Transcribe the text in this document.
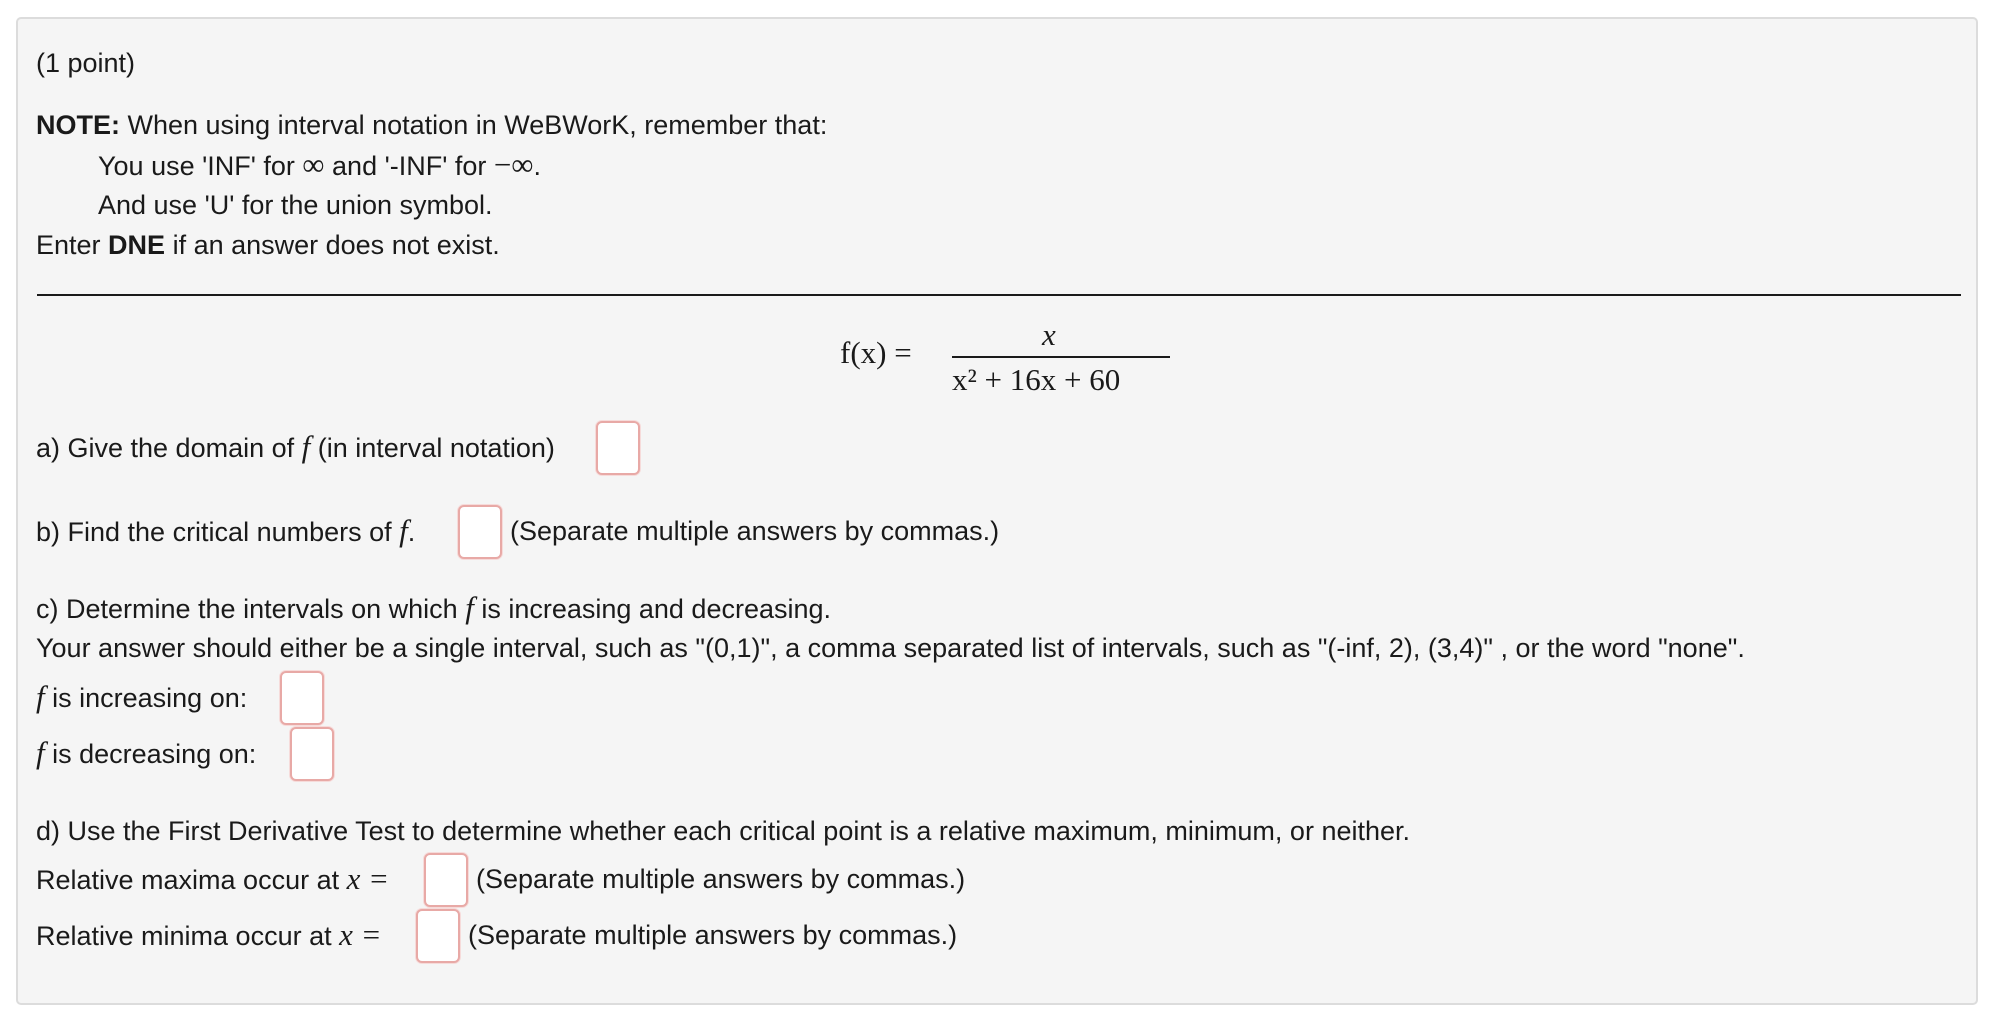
(1 point)
NOTE: When using interval notation in WeBWorK, remember that:
You use 'INF' for ∞ and '-INF' for −∞.
And use 'U' for the union symbol.
Enter DNE if an answer does not exist.
f(x) =
x
x² + 16x + 60
a) Give the domain of f (in interval notation)
b) Find the critical numbers of f.	(Separate multiple answers by commas.)
c) Determine the intervals on which f is increasing and decreasing.
Your answer should either be a single interval, such as "(0,1)", a comma separated list of intervals, such as "(-inf, 2), (3,4)" , or the word "none".
f is increasing on:
f is decreasing on:
d) Use the First Derivative Test to determine whether each critical point is a relative maximum, minimum, or neither.
Relative maxima occur at x =	(Separate multiple answers by commas.)
Relative minima occur at x =	(Separate multiple answers by commas.)
